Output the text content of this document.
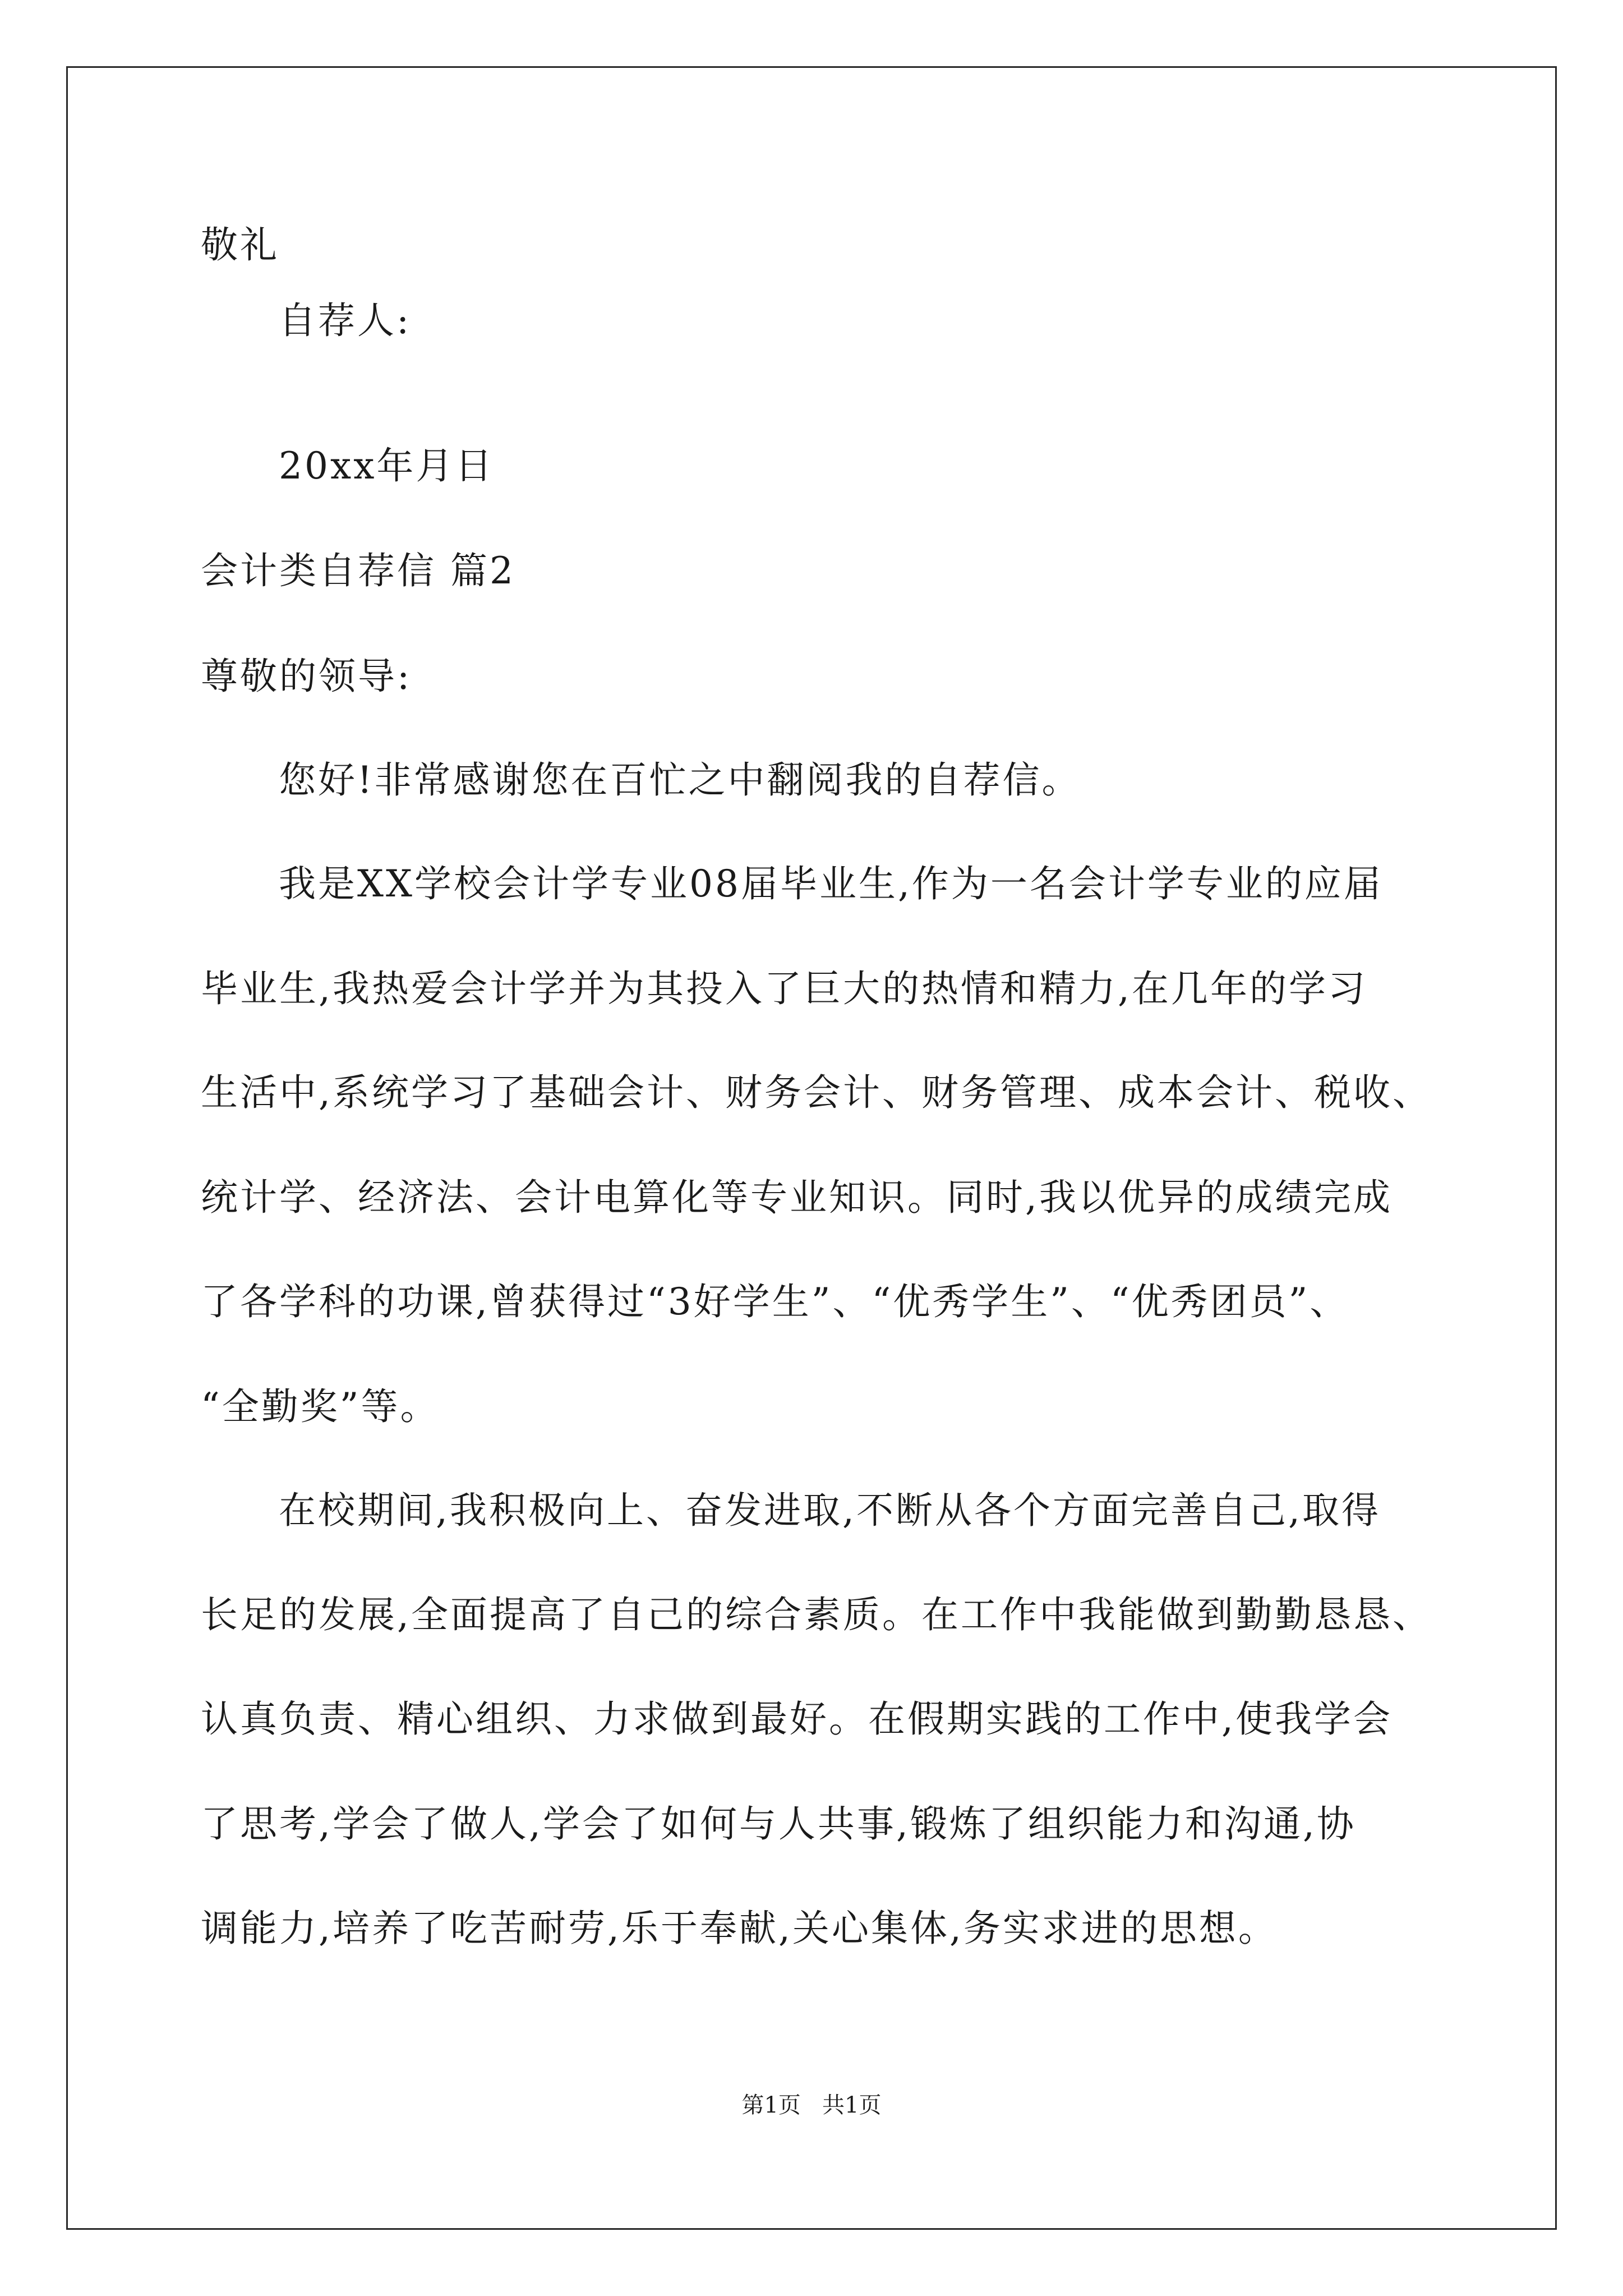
敬礼
自荐人:
20xx年月日
会计类自荐信 篇2
尊敬的领导:
您好!非常感谢您在百忙之中翻阅我的自荐信。
我是XX学校会计学专业08届毕业生,作为一名会计学专业的应届
毕业生,我热爱会计学并为其投入了巨大的热情和精力,在几年的学习
生活中,系统学习了基础会计、财务会计、财务管理、成本会计、税收、
统计学、经济法、会计电算化等专业知识。同时,我以优异的成绩完成
了各学科的功课,曾获得过“3好学生”、“优秀学生”、“优秀团员”、
“全勤奖”等。
在校期间,我积极向上、奋发进取,不断从各个方面完善自己,取得
长足的发展,全面提高了自己的综合素质。在工作中我能做到勤勤恳恳、
认真负责、精心组织、力求做到最好。在假期实践的工作中,使我学会
了思考,学会了做人,学会了如何与人共事,锻炼了组织能力和沟通,协
调能力,培养了吃苦耐劳,乐于奉献,关心集体,务实求进的思想。
第1页   共1页
